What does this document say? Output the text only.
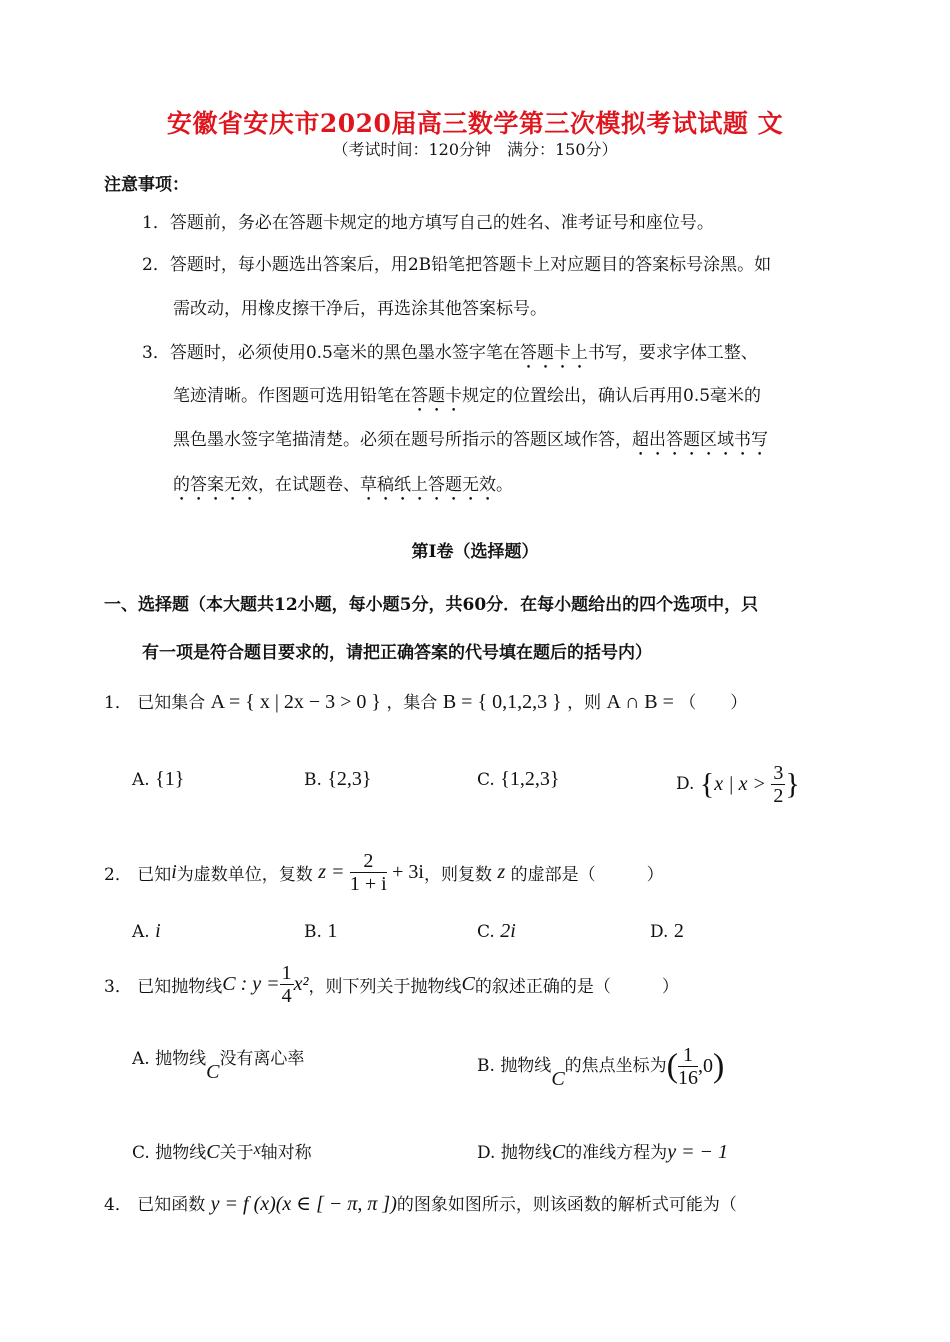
安徽省安庆市2020届高三数学第三次模拟考试试题 文
（考试时间：120分钟　满分：150分）
注意事项：
1．答题前，务必在答题卡规定的地方填写自己的姓名、准考证号和座位号。
2．答题时，每小题选出答案后，用2B铅笔把答题卡上对应题目的答案标号涂黑。如
需改动，用橡皮擦干净后，再选涂其他答案标号。
3．答题时，必须使用0.5毫米的黑色墨水签字笔在答题卡上书写，要求字体工整、
笔迹清晰。作图题可选用铅笔在答题卡规定的位置绘出，确认后再用0.5毫米的
黑色墨水签字笔描清楚。必须在题号所指示的答题区域作答，超出答题区域书写
的答案无效，在试题卷、草稿纸上答题无效。
第Ⅰ卷（选择题）
一、选择题（本大题共12小题，每小题5分，共60分．在每小题给出的四个选项中，只
有一项是符合题目要求的，请把正确答案的代号填在题后的括号内）
1． 已知集合 A = { x | 2x − 3 > 0 } ，集合 B = { 0,1,2,3 } ，则 A ∩ B = （　　）
A. {1}	B. {2,3}	C. {1,2,3}	D. {x | $x > \frac{3}{2}$ }
2． 已知i为虚数单位，复数 $z = \frac{2}{1 + i} + 3i$，则复数 z 的虚部是（　　　）
A. i	B. 1	C. 2i	D. 2
3． 已知抛物线C : $y = \frac{1}{4} x^2$，则下列关于抛物线C的叙述正确的是（　　　）
A. 抛物线C没有离心率	B. 抛物线C的焦点坐标为( $\frac{1}{16} ,0$)
C. 抛物线C关于x轴对称	D. 抛物线C的准线方程为y = − 1
4． 已知函数 y = f (x)(x ∈ [ − π, π ])的图象如图所示，则该函数的解析式可能为（
